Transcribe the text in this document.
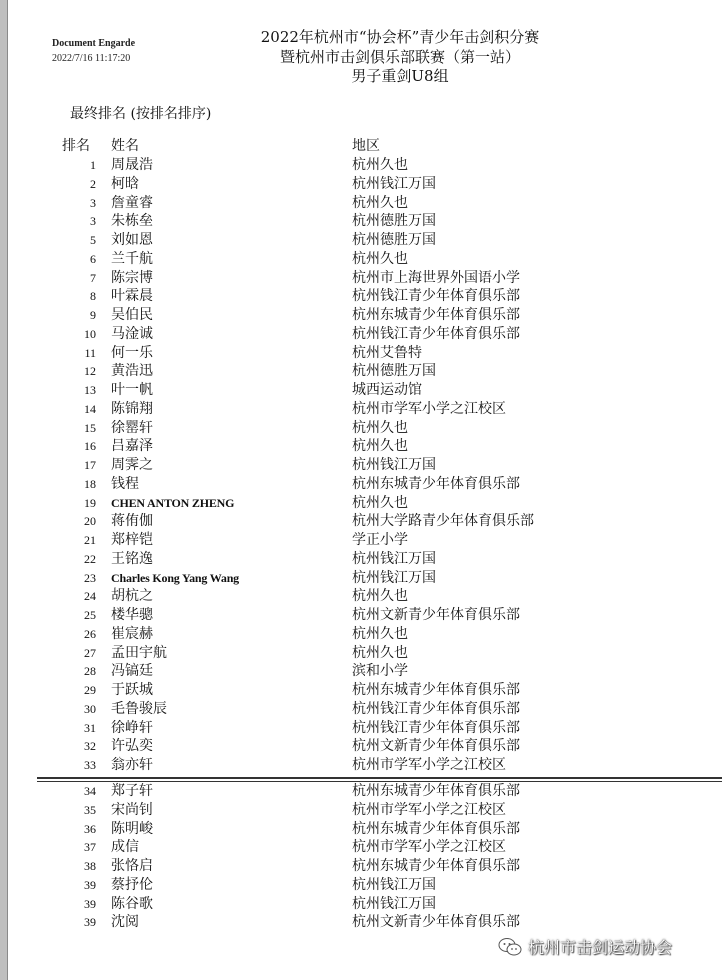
Document Engarde
2022/7/16 11:17:20
2022年杭州市“协会杯”青少年击剑积分赛
暨杭州市击剑俱乐部联赛（第一站）
男子重剑U8组
最终排名 (按排名排序)
排名 姓名	地区
1 周晟浩	杭州久也
2 柯晗	杭州钱江万国
3 詹童睿	杭州久也
3 朱栋垒	杭州德胜万国
5 刘如恩	杭州德胜万国
6 兰千航	杭州久也
7 陈宗博	杭州市上海世界外国语小学
8 叶霖晨	杭州钱江青少年体育俱乐部
9 吴伯民	杭州东城青少年体育俱乐部
10 马淦诚	杭州钱江青少年体育俱乐部
11 何一乐	杭州艾鲁特
12 黄浩迅	杭州德胜万国
13 叶一帆	城西运动馆
14 陈锦翔	杭州市学军小学之江校区
15 徐罂轩	杭州久也
16 吕嘉泽	杭州久也
17 周霁之	杭州钱江万国
18 钱程	杭州东城青少年体育俱乐部
19 CHEN ANTON ZHENG	杭州久也
20 蒋侑伽	杭州大学路青少年体育俱乐部
21 郑梓铠	学正小学
22 王铭逸	杭州钱江万国
23 Charles Kong Yang Wang	杭州钱江万国
24 胡杭之	杭州久也
25 楼华骢	杭州文新青少年体育俱乐部
26 崔宸赫	杭州久也
27 孟田宇航	杭州久也
28 冯镐廷	滨和小学
29 于跃城	杭州东城青少年体育俱乐部
30 毛鲁骏辰	杭州钱江青少年体育俱乐部
31 徐峥轩	杭州钱江青少年体育俱乐部
32 许弘奕	杭州文新青少年体育俱乐部
33 翁亦轩	杭州市学军小学之江校区
34 郑子轩	杭州东城青少年体育俱乐部
35 宋尚钊	杭州市学军小学之江校区
36 陈明峻	杭州东城青少年体育俱乐部
37 成信	杭州市学军小学之江校区
38 张恪启	杭州东城青少年体育俱乐部
39 蔡抒伦	杭州钱江万国
39 陈谷歌	杭州钱江万国
39 沈阅	杭州文新青少年体育俱乐部
杭州市击剑运动协会
